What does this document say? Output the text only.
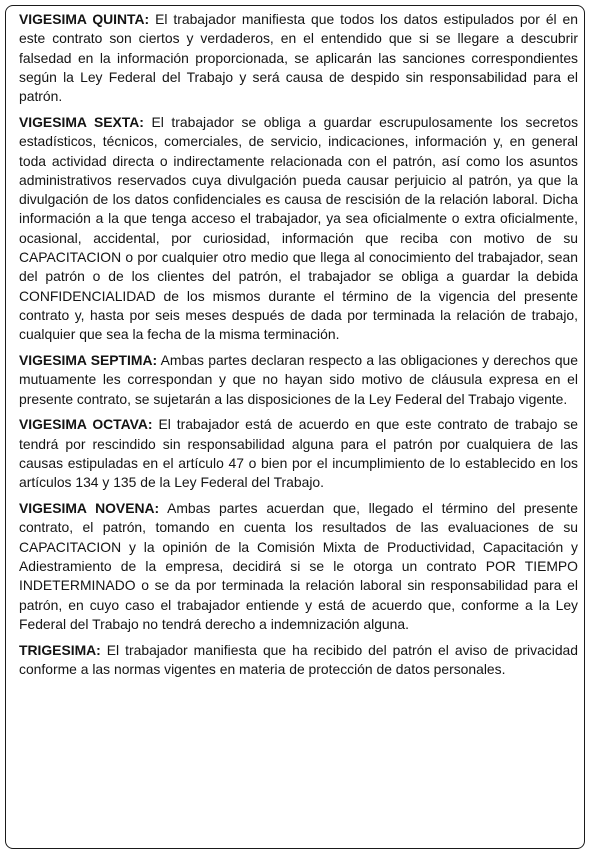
VIGESIMA QUINTA: El trabajador manifiesta que todos los datos estipulados por él en este contrato son ciertos y verdaderos, en el entendido que si se llegare a descubrir falsedad en la información proporcionada, se aplicarán las sanciones correspondientes según la Ley Federal del Trabajo y será causa de despido sin responsabilidad para el patrón.

VIGESIMA SEXTA: El trabajador se obliga a guardar escrupulosamente los secretos estadísticos, técnicos, comerciales, de servicio, indicaciones, información y, en general toda actividad directa o indirectamente relacionada con el patrón, así como los asuntos administrativos reservados cuya divulgación pueda causar perjuicio al patrón, ya que la divulgación de los datos confidenciales es causa de rescisión de la relación laboral. Dicha información a la que tenga acceso el trabajador, ya sea oficialmente o extra oficialmente, ocasional, accidental, por curiosidad, información que reciba con motivo de su CAPACITACION o por cualquier otro medio que llega al conocimiento del trabajador, sean del patrón o de los clientes del patrón, el trabajador se obliga a guardar la debida CONFIDENCIALIDAD de los mismos durante el término de la vigencia del presente contrato y, hasta por seis meses después de dada por terminada la relación de trabajo, cualquier que sea la fecha de la misma terminación.

VIGESIMA SEPTIMA: Ambas partes declaran respecto a las obligaciones y derechos que mutuamente les correspondan y que no hayan sido motivo de cláusula expresa en el presente contrato, se sujetarán a las disposiciones de la Ley Federal del Trabajo vigente.

VIGESIMA OCTAVA: El trabajador está de acuerdo en que este contrato de trabajo se tendrá por rescindido sin responsabilidad alguna para el patrón por cualquiera de las causas estipuladas en el artículo 47 o bien por el incumplimiento de lo establecido en los artículos 134 y 135 de la Ley Federal del Trabajo.

VIGESIMA NOVENA: Ambas partes acuerdan que, llegado el término del presente contrato, el patrón, tomando en cuenta los resultados de las evaluaciones de su CAPACITACION y la opinión de la Comisión Mixta de Productividad, Capacitación y Adiestramiento de la empresa, decidirá si se le otorga un contrato POR TIEMPO INDETERMINADO o se da por terminada la relación laboral sin responsabilidad para el patrón, en cuyo caso el trabajador entiende y está de acuerdo que, conforme a la Ley Federal del Trabajo no tendrá derecho a indemnización alguna.

TRIGESIMA: El trabajador manifiesta que ha recibido del patrón el aviso de privacidad conforme a las normas vigentes en materia de protección de datos personales.
